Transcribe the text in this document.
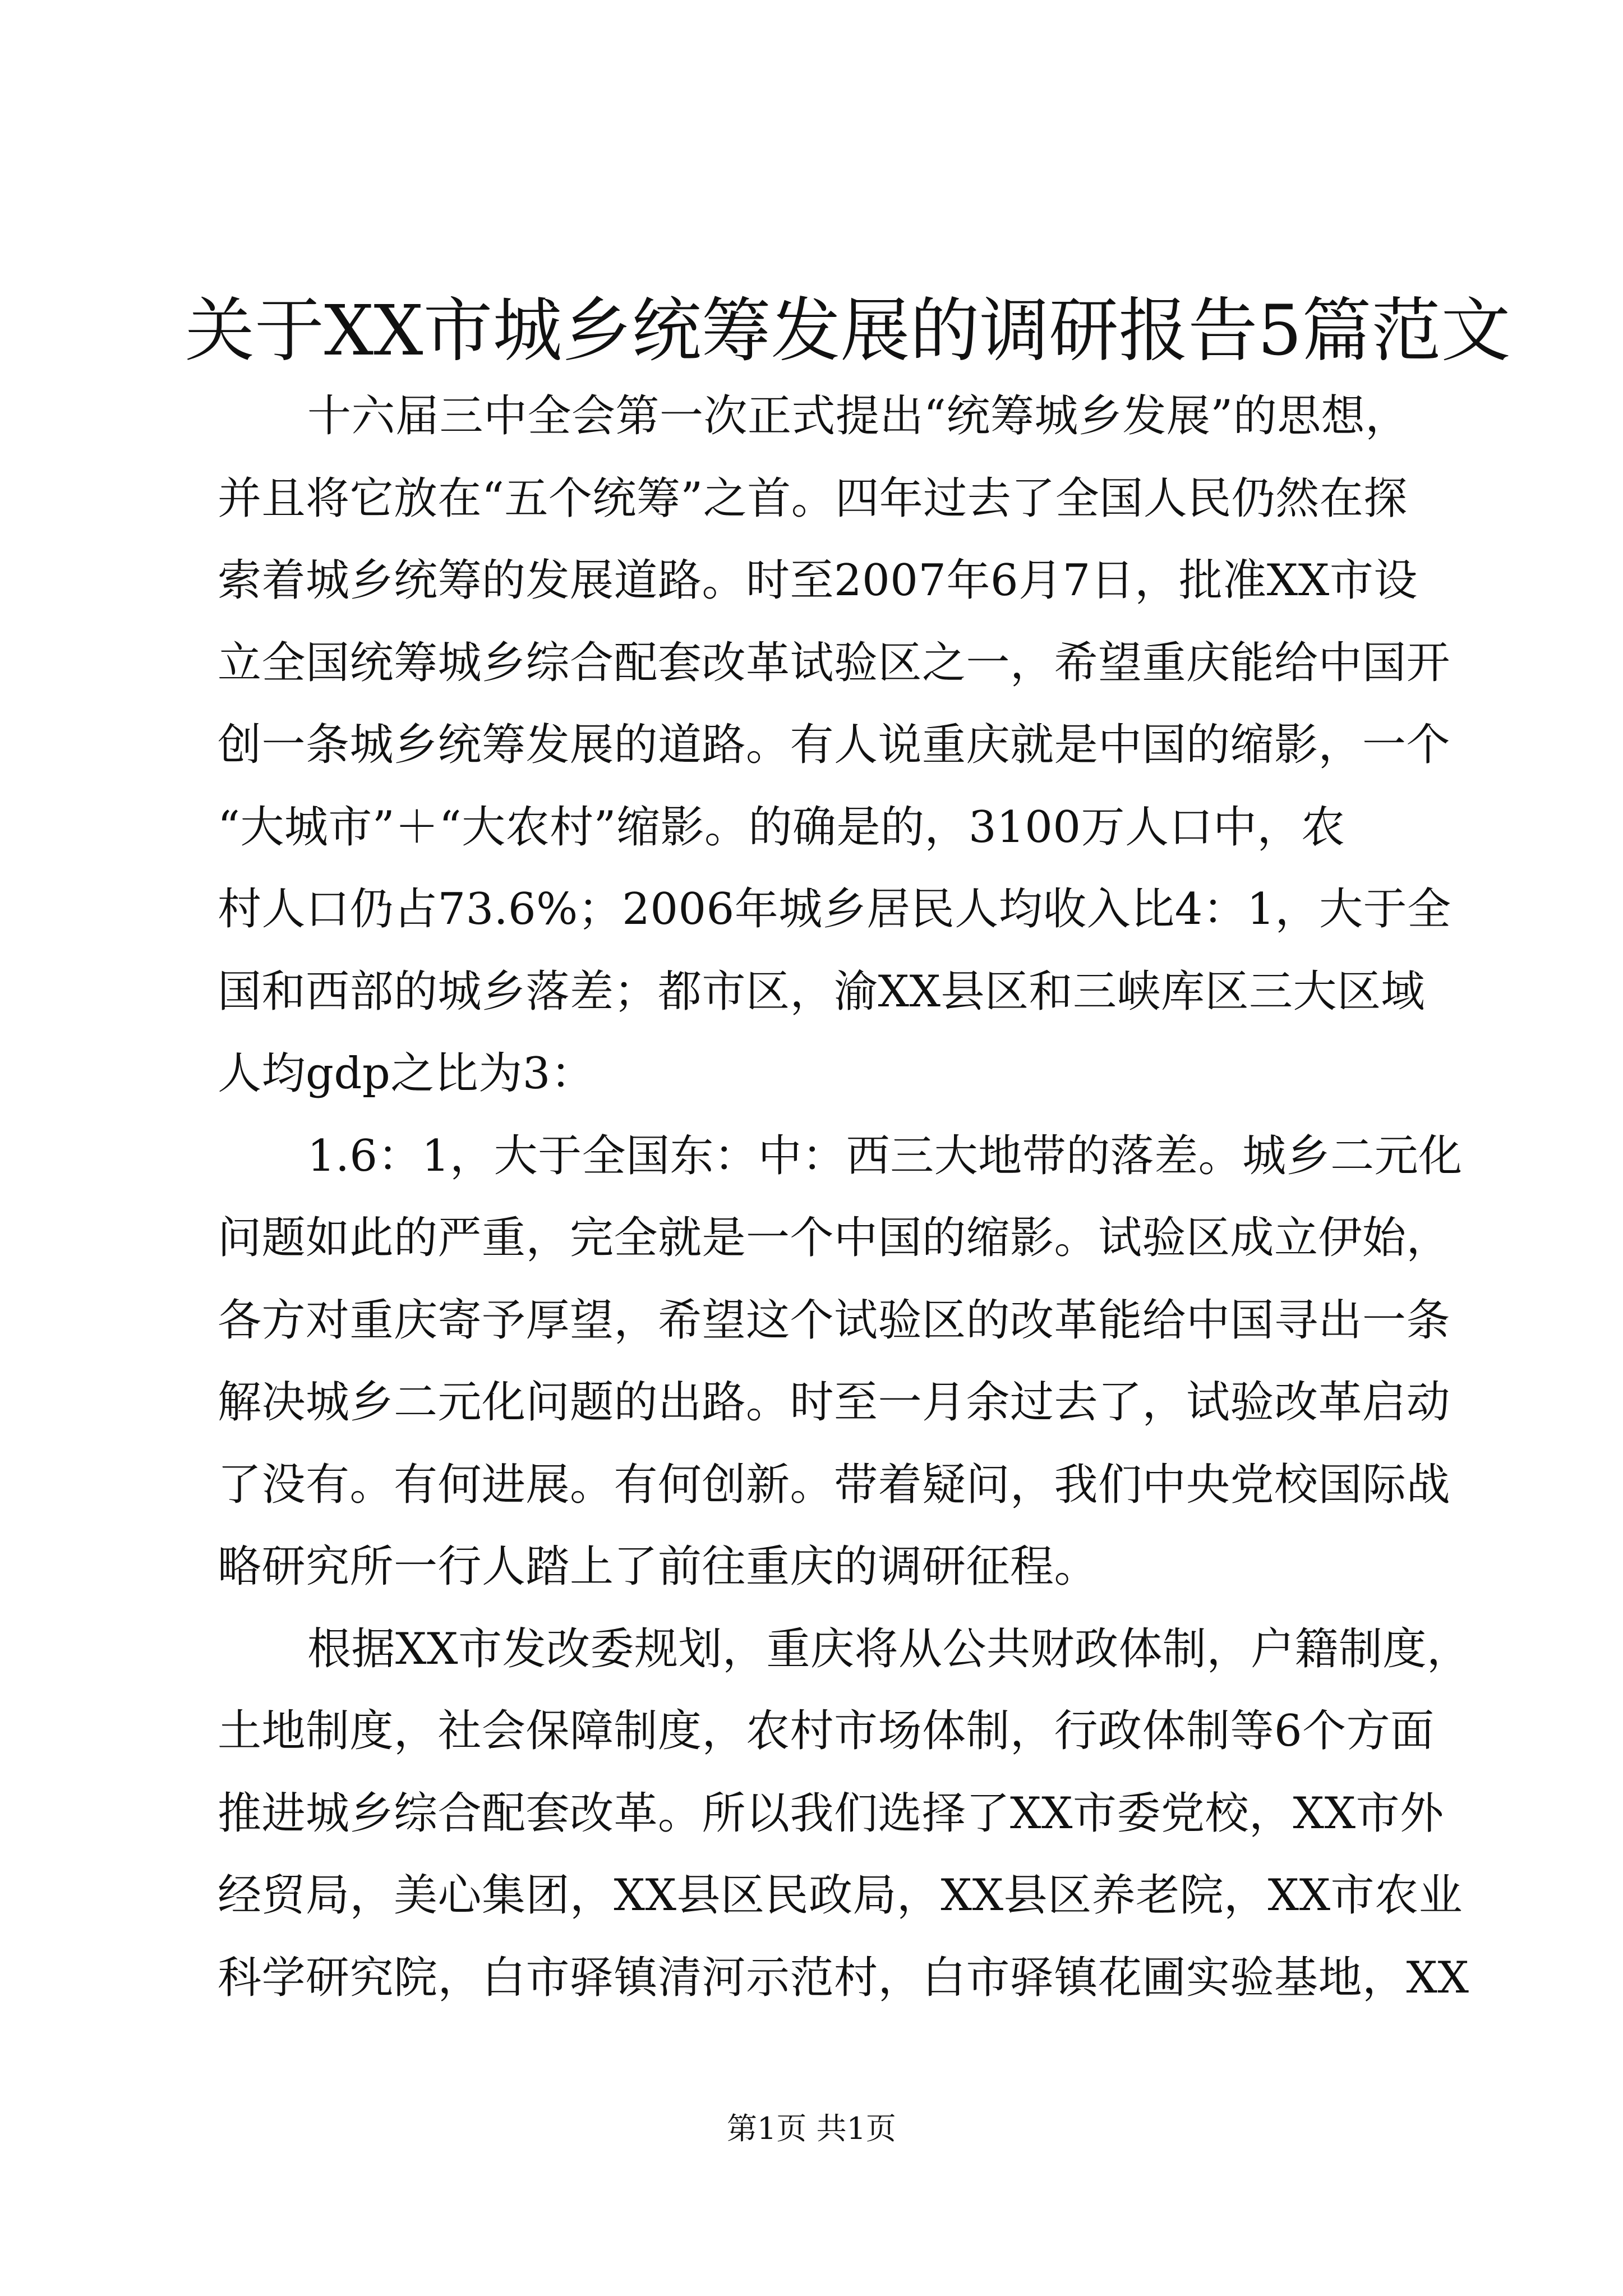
关于XX市城乡统筹发展的调研报告5篇范文
十六届三中全会第一次正式提出“统筹城乡发展”的思想，
并且将它放在“五个统筹”之首。四年过去了全国人民仍然在探
索着城乡统筹的发展道路。时至2007年6月7日，批准XX市设
立全国统筹城乡综合配套改革试验区之一，希望重庆能给中国开
创一条城乡统筹发展的道路。有人说重庆就是中国的缩影，一个
“大城市”＋“大农村”缩影。的确是的，3100万人口中，农
村人口仍占73.6%；2006年城乡居民人均收入比4：1，大于全
国和西部的城乡落差；都市区，渝XX县区和三峡库区三大区域
人均gdp之比为3：
1.6：1，大于全国东：中：西三大地带的落差。城乡二元化
问题如此的严重，完全就是一个中国的缩影。试验区成立伊始，
各方对重庆寄予厚望，希望这个试验区的改革能给中国寻出一条
解决城乡二元化问题的出路。时至一月余过去了，试验改革启动
了没有。有何进展。有何创新。带着疑问，我们中央党校国际战
略研究所一行人踏上了前往重庆的调研征程。
根据XX市发改委规划，重庆将从公共财政体制，户籍制度，
土地制度，社会保障制度，农村市场体制，行政体制等6个方面
推进城乡综合配套改革。所以我们选择了XX市委党校，XX市外
经贸局，美心集团，XX县区民政局，XX县区养老院，XX市农业
科学研究院，白市驿镇清河示范村，白市驿镇花圃实验基地，XX
第1页 共1页
